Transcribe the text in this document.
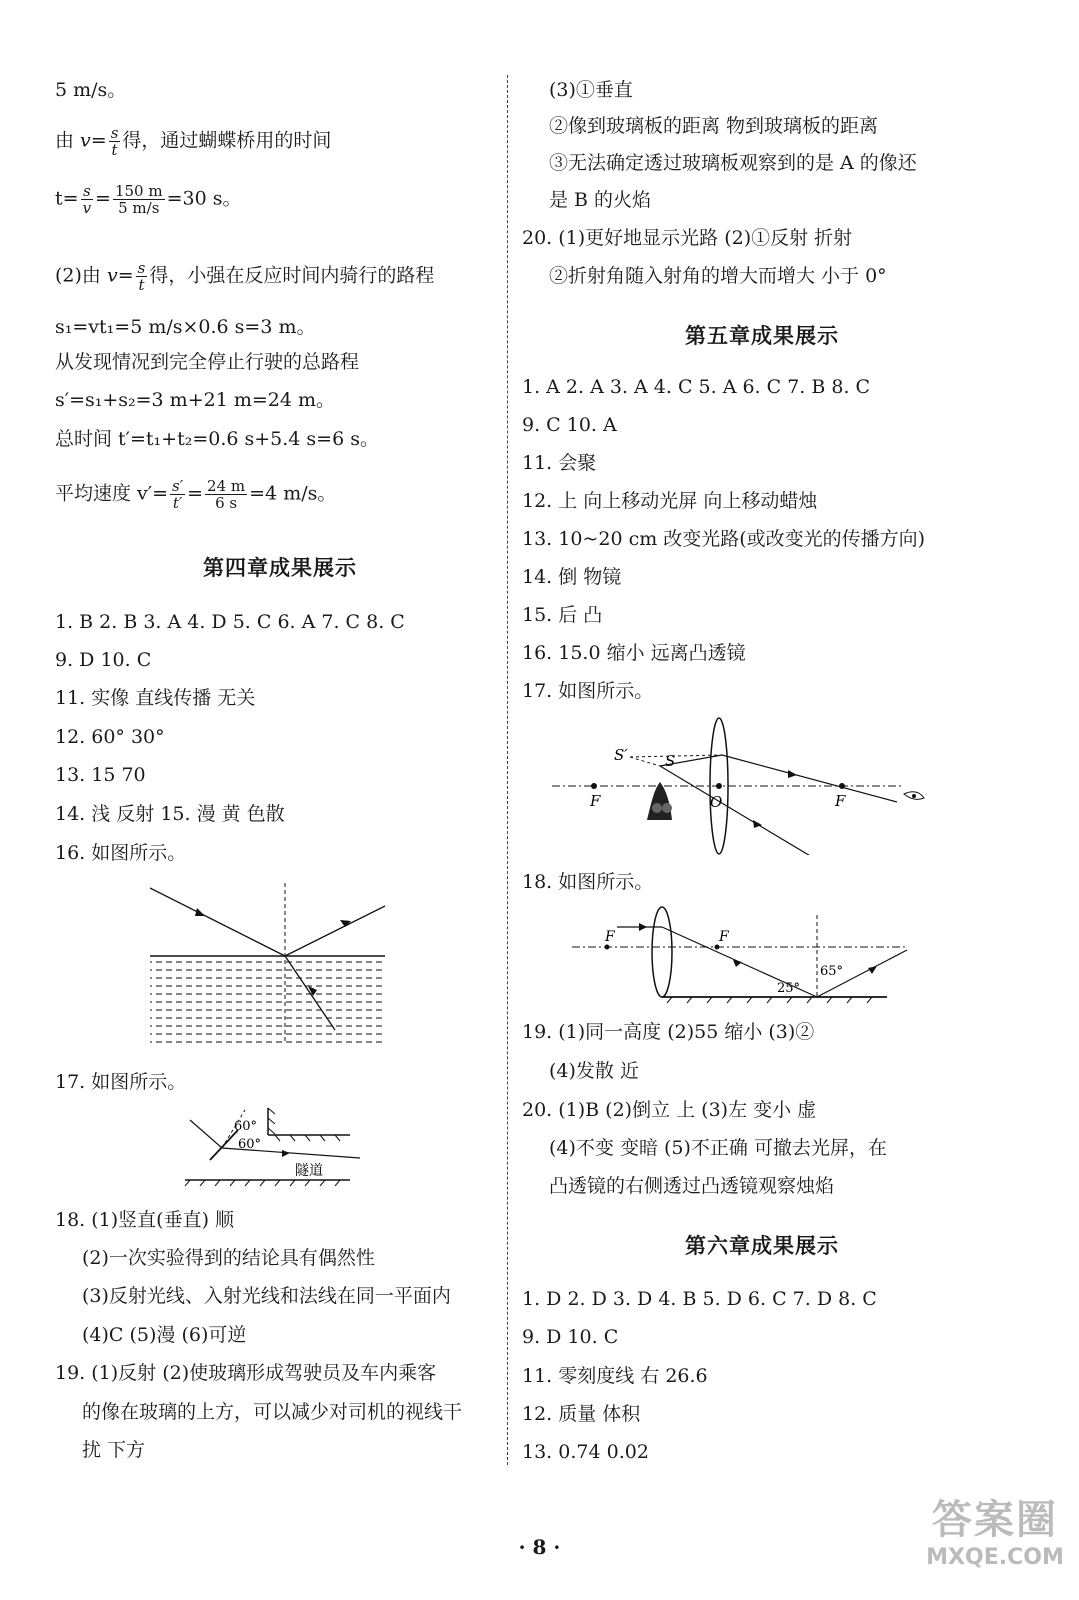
5 m/s。
由 $v= \frac{s}{t}$ 得，通过蝴蝶桥用的时间
$t= \frac{s}{v} = \frac{150 m}{5 m/s} =30$ s。
(2)由 $v= \frac{s}{t}$ 得，小强在反应时间内骑行的路程
s₁=vt₁=5 m/s×0.6 s=3 m。
从发现情况到完全停止行驶的总路程
s′=s₁+s₂=3 m+21 m=24 m。
总时间 t′=t₁+t₂=0.6 s+5.4 s=6 s。
平均速度 $v'= \frac{s'}{t'} = \frac{24 m}{6 s} =4$ m/s。
第四章成果展示
1. B 2. B 3. A 4. D 5. C 6. A 7. C 8. C
9. D 10. C
11. 实像 直线传播 无关
12. 60° 30°
13. 15 70
14. 浅 反射 15. 漫 黄 色散
16. 如图所示。
17. 如图所示。
60°
60°
隧道
18. (1)竖直(垂直) 顺
(2)一次实验得到的结论具有偶然性
(3)反射光线、入射光线和法线在同一平面内
(4)C (5)漫 (6)可逆
19. (1)反射 (2)使玻璃形成驾驶员及车内乘客
的像在玻璃的上方，可以减少对司机的视线干
扰 下方
(3)①垂直
②像到玻璃板的距离 物到玻璃板的距离
③无法确定透过玻璃板观察到的是 A 的像还
是 B 的火焰
20. (1)更好地显示光路 (2)①反射 折射
②折射角随入射角的增大而增大 小于 0°
第五章成果展示
1. A 2. A 3. A 4. C 5. A 6. C 7. B 8. C
9. C 10. A
11. 会聚
12. 上 向上移动光屏 向上移动蜡烛
13. 10~20 cm 改变光路(或改变光的传播方向)
14. 倒 物镜
15. 后 凸
16. 15.0 缩小 远离凸透镜
17. 如图所示。
S′ S
F	O	F
18. 如图所示。
F	F
25°
65°
19. (1)同一高度 (2)55 缩小 (3)②
(4)发散 近
20. (1)B (2)倒立 上 (3)左 变小 虚
(4)不变 变暗 (5)不正确 可撤去光屏，在
凸透镜的右侧透过凸透镜观察烛焰
第六章成果展示
1. D 2. D 3. D 4. B 5. D 6. C 7. D 8. C
9. D 10. C
11. 零刻度线 右 26.6
12. 质量 体积
13. 0.74 0.02
· 8 ·
答案圈
MXQE.COM
